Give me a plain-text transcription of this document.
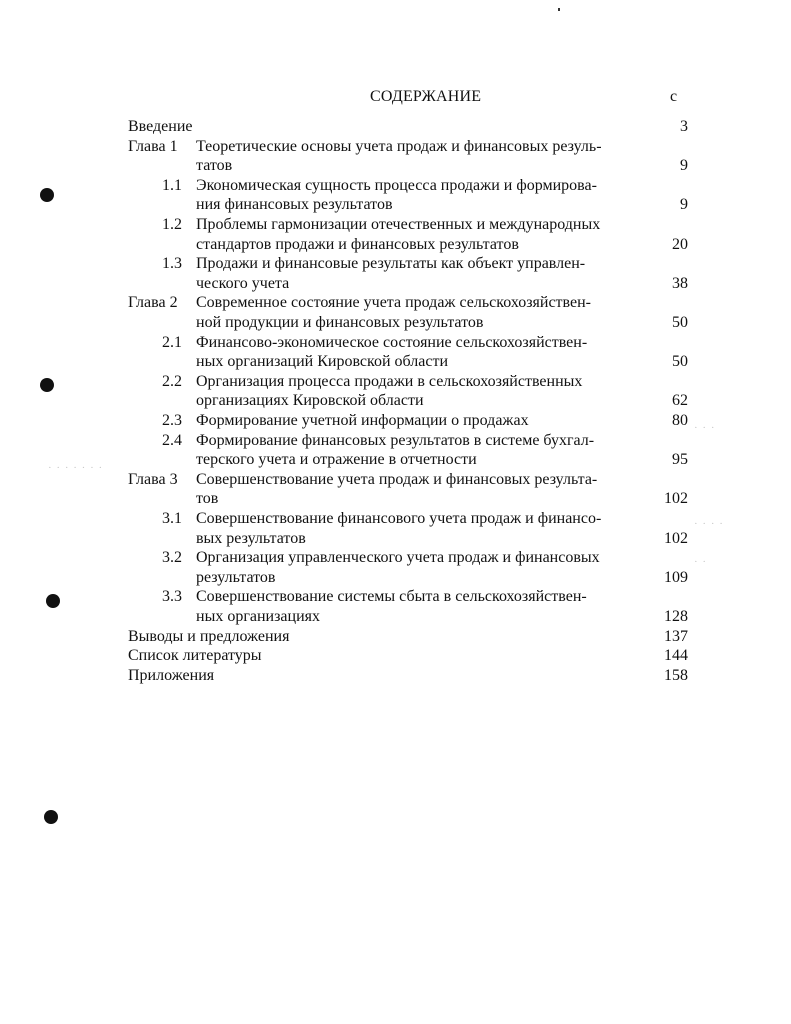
· · · · · · ·
· · ·
· · · ·
· ·
СОДЕРЖАНИЕ	с
Введение	3
Глава 1 Теоретические основы учета продаж и финансовых резуль-
татов	9
1.1 Экономическая сущность процесса продажи и формирова-
ния финансовых результатов	9
1.2 Проблемы гармонизации отечественных и международных
стандартов продажи и финансовых результатов	20
1.3 Продажи и финансовые результаты как объект управлен-
ческого учета	38
Глава 2 Современное состояние учета продаж сельскохозяйствен-
ной продукции и финансовых результатов	50
2.1 Финансово-экономическое состояние сельскохозяйствен-
ных организаций Кировской области	50
2.2 Организация процесса продажи в сельскохозяйственных
организациях Кировской области	62
2.3 Формирование учетной информации о продажах	80
2.4 Формирование финансовых результатов в системе бухгал-
терского учета и отражение в отчетности	95
Глава 3 Совершенствование учета продаж и финансовых результа-
тов	102
3.1 Совершенствование финансового учета продаж и финансо-
вых результатов	102
3.2 Организация управленческого учета продаж и финансовых
результатов	109
3.3 Совершенствование системы сбыта в сельскохозяйствен-
ных организациях	128
Выводы и предложения	137
Список литературы	144
Приложения	158
